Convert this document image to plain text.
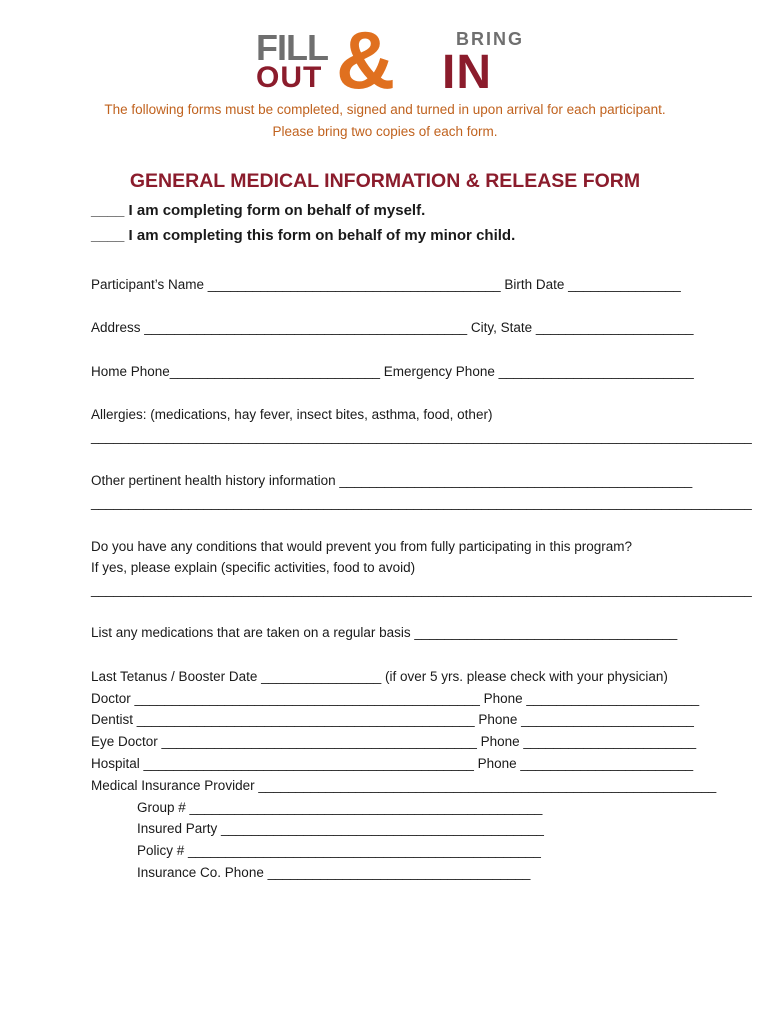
FILL
OUT &	BRING
IN
The following forms must be completed, signed and turned in upon arrival for each participant.
Please bring two copies of each form.
GENERAL MEDICAL INFORMATION & RELEASE FORM
____ I am completing form on behalf of myself.
____ I am completing this form on behalf of my minor child.
Participant’s Name _______________________________________ Birth Date _______________
Address ___________________________________________ City, State _____________________
Home Phone____________________________ Emergency Phone __________________________
Allergies: (medications, hay fever, insect bites, asthma, food, other)
________________________________________________________________________________________
Other pertinent health history information _______________________________________________
________________________________________________________________________________________
Do you have any conditions that would prevent you from fully participating in this program?
If yes, please explain (specific activities, food to avoid)
________________________________________________________________________________________
List any medications that are taken on a regular basis ___________________________________
Last Tetanus / Booster Date ________________ (if over 5 yrs. please check with your physician)
Doctor ______________________________________________ Phone _______________________
Dentist _____________________________________________ Phone _______________________
Eye Doctor __________________________________________ Phone _______________________
Hospital ____________________________________________ Phone _______________________
Medical Insurance Provider _____________________________________________________________
Group # _______________________________________________
Insured Party ___________________________________________
Policy # _______________________________________________
Insurance Co. Phone ___________________________________
